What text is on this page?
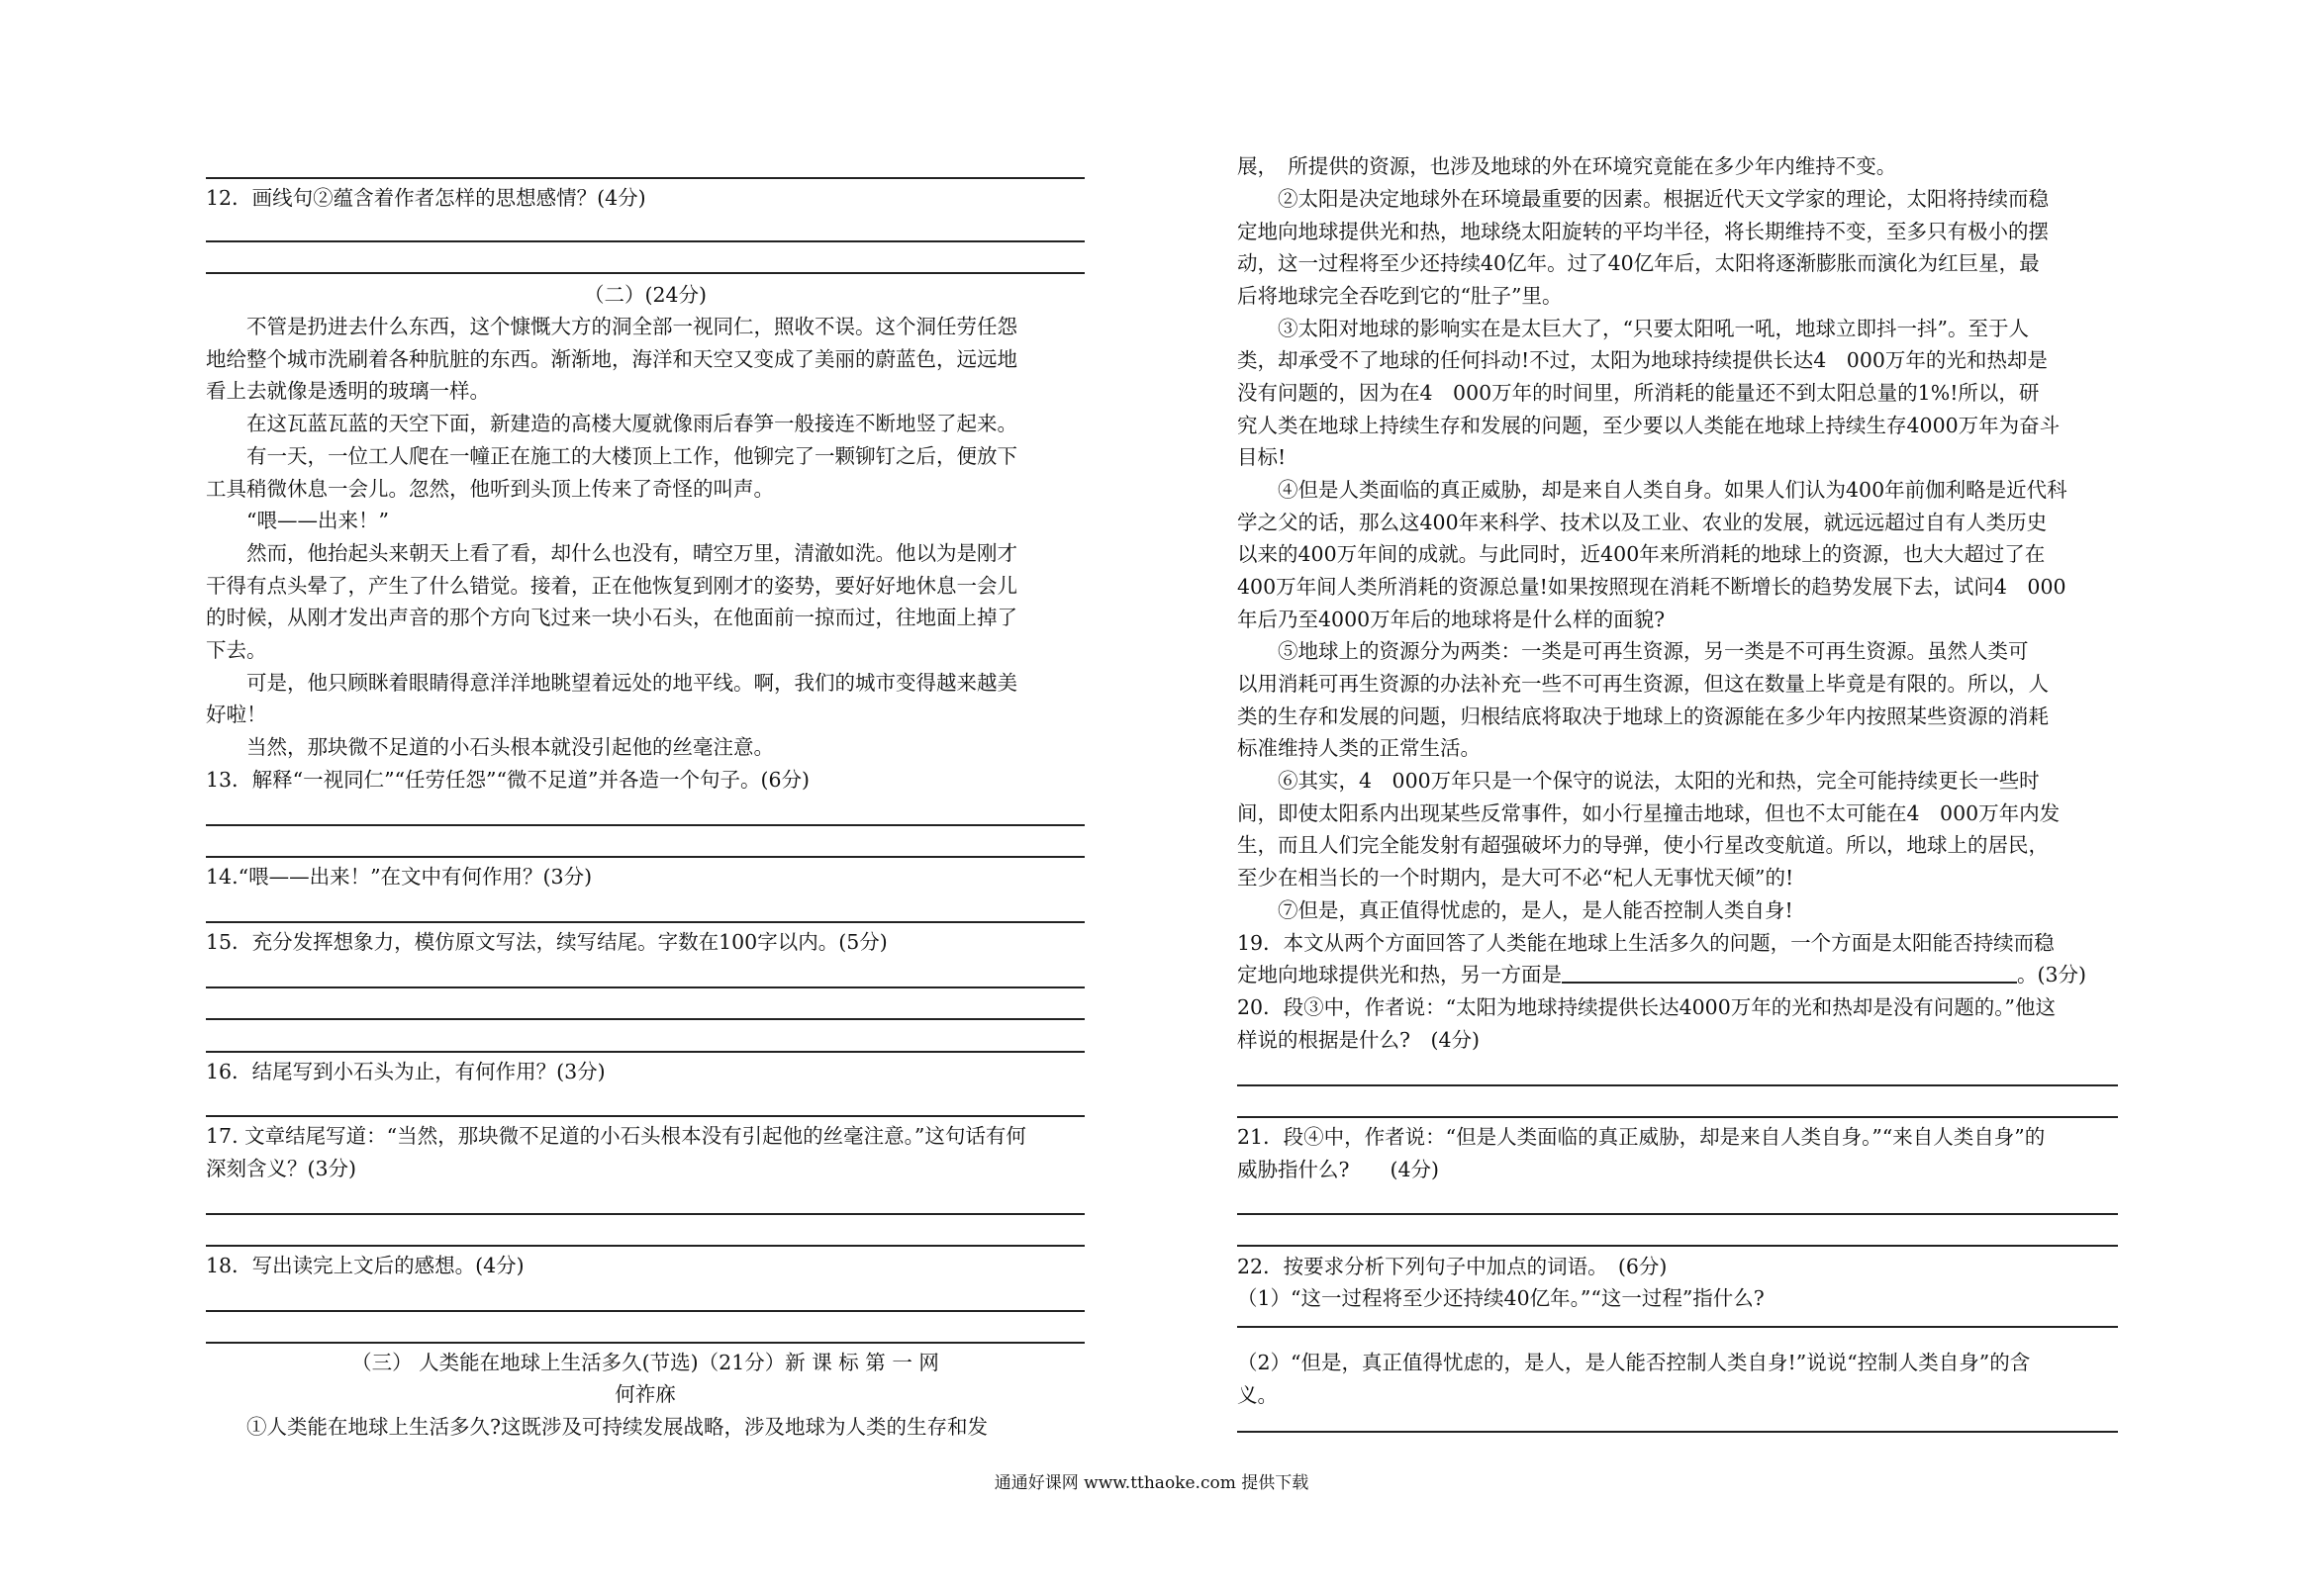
12．画线句②蕴含着作者怎样的思想感情？(4分)
（二）(24分)
　　不管是扔进去什么东西，这个慷慨大方的洞全部一视同仁，照收不误。这个洞任劳任怨
地给整个城市洗刷着各种肮脏的东西。渐渐地，海洋和天空又变成了美丽的蔚蓝色，远远地
看上去就像是透明的玻璃一样。
　　在这瓦蓝瓦蓝的天空下面，新建造的高楼大厦就像雨后春笋一般接连不断地竖了起来。
　　有一天，一位工人爬在一幢正在施工的大楼顶上工作，他铆完了一颗铆钉之后，便放下
工具稍微休息一会儿。忽然，他听到头顶上传来了奇怪的叫声。
　　“喂——出来！”
　　然而，他抬起头来朝天上看了看，却什么也没有，晴空万里，清澈如洗。他以为是刚才
干得有点头晕了，产生了什么错觉。接着，正在他恢复到刚才的姿势，要好好地休息一会儿
的时候，从刚才发出声音的那个方向飞过来一块小石头，在他面前一掠而过，往地面上掉了
下去。
　　可是，他只顾眯着眼睛得意洋洋地眺望着远处的地平线。啊，我们的城市变得越来越美
好啦！
　　当然，那块微不足道的小石头根本就没引起他的丝毫注意。
13．解释“一视同仁”“任劳任怨”“微不足道”并各造一个句子。(6分)
14.“喂——出来！”在文中有何作用？(3分)
15．充分发挥想象力，模仿原文写法，续写结尾。字数在100字以内。(5分)
16．结尾写到小石头为止，有何作用？(3分)
17. 文章结尾写道：“当然，那块微不足道的小石头根本没有引起他的丝毫注意。”这句话有何
深刻含义？(3分)
18．写出读完上文后的感想。(4分)
（三） 人类能在地球上生活多久(节选)（21分）新 课 标 第 一 网
何祚庥
　　①人类能在地球上生活多久?这既涉及可持续发展战略，涉及地球为人类的生存和发
展，　所提供的资源，也涉及地球的外在环境究竟能在多少年内维持不变。
　　②太阳是决定地球外在环境最重要的因素。根据近代天文学家的理论，太阳将持续而稳
定地向地球提供光和热，地球绕太阳旋转的平均半径，将长期维持不变，至多只有极小的摆
动，这一过程将至少还持续40亿年。过了40亿年后，太阳将逐渐膨胀而演化为红巨星，最
后将地球完全吞吃到它的“肚子”里。
　　③太阳对地球的影响实在是太巨大了，“只要太阳吼一吼，地球立即抖一抖”。至于人
类，却承受不了地球的任何抖动!不过，太阳为地球持续提供长达4　000万年的光和热却是
没有问题的，因为在4　000万年的时间里，所消耗的能量还不到太阳总量的1%!所以，研
究人类在地球上持续生存和发展的问题，至少要以人类能在地球上持续生存4000万年为奋斗
目标!
　　④但是人类面临的真正威胁，却是来自人类自身。如果人们认为400年前伽利略是近代科
学之父的话，那么这400年来科学、技术以及工业、农业的发展，就远远超过自有人类历史
以来的400万年间的成就。与此同时，近400年来所消耗的地球上的资源，也大大超过了在
400万年间人类所消耗的资源总量!如果按照现在消耗不断增长的趋势发展下去，试问4　000
年后乃至4000万年后的地球将是什么样的面貌?
　　⑤地球上的资源分为两类：一类是可再生资源，另一类是不可再生资源。虽然人类可
以用消耗可再生资源的办法补充一些不可再生资源，但这在数量上毕竟是有限的。所以，人
类的生存和发展的问题，归根结底将取决于地球上的资源能在多少年内按照某些资源的消耗
标准维持人类的正常生活。
　　⑥其实，4　000万年只是一个保守的说法，太阳的光和热，完全可能持续更长一些时
间，即使太阳系内出现某些反常事件，如小行星撞击地球，但也不太可能在4　000万年内发
生，而且人们完全能发射有超强破坏力的导弹，使小行星改变航道。所以，地球上的居民，
至少在相当长的一个时期内，是大可不必“杞人无事忧天倾”的!
　　⑦但是，真正值得忧虑的，是人，是人能否控制人类自身!
19．本文从两个方面回答了人类能在地球上生活多久的问题，一个方面是太阳能否持续而稳
定地向地球提供光和热，另一方面是	。(3分)
20．段③中，作者说：“太阳为地球持续提供长达4000万年的光和热却是没有问题的。”他这
样说的根据是什么?　(4分)
21．段④中，作者说：“但是人类面临的真正威胁，却是来自人类自身。”“来自人类自身”的
威胁指什么?　　(4分)
22．按要求分析下列句子中加点的词语。　(6分)
（1）“这一过程将至少还持续40亿年。”“这一过程”指什么?
（2）“但是，真正值得忧虑的，是人，是人能否控制人类自身!”说说“控制人类自身”的含
义。
通通好课网 www.tthaoke.com 提供下载
